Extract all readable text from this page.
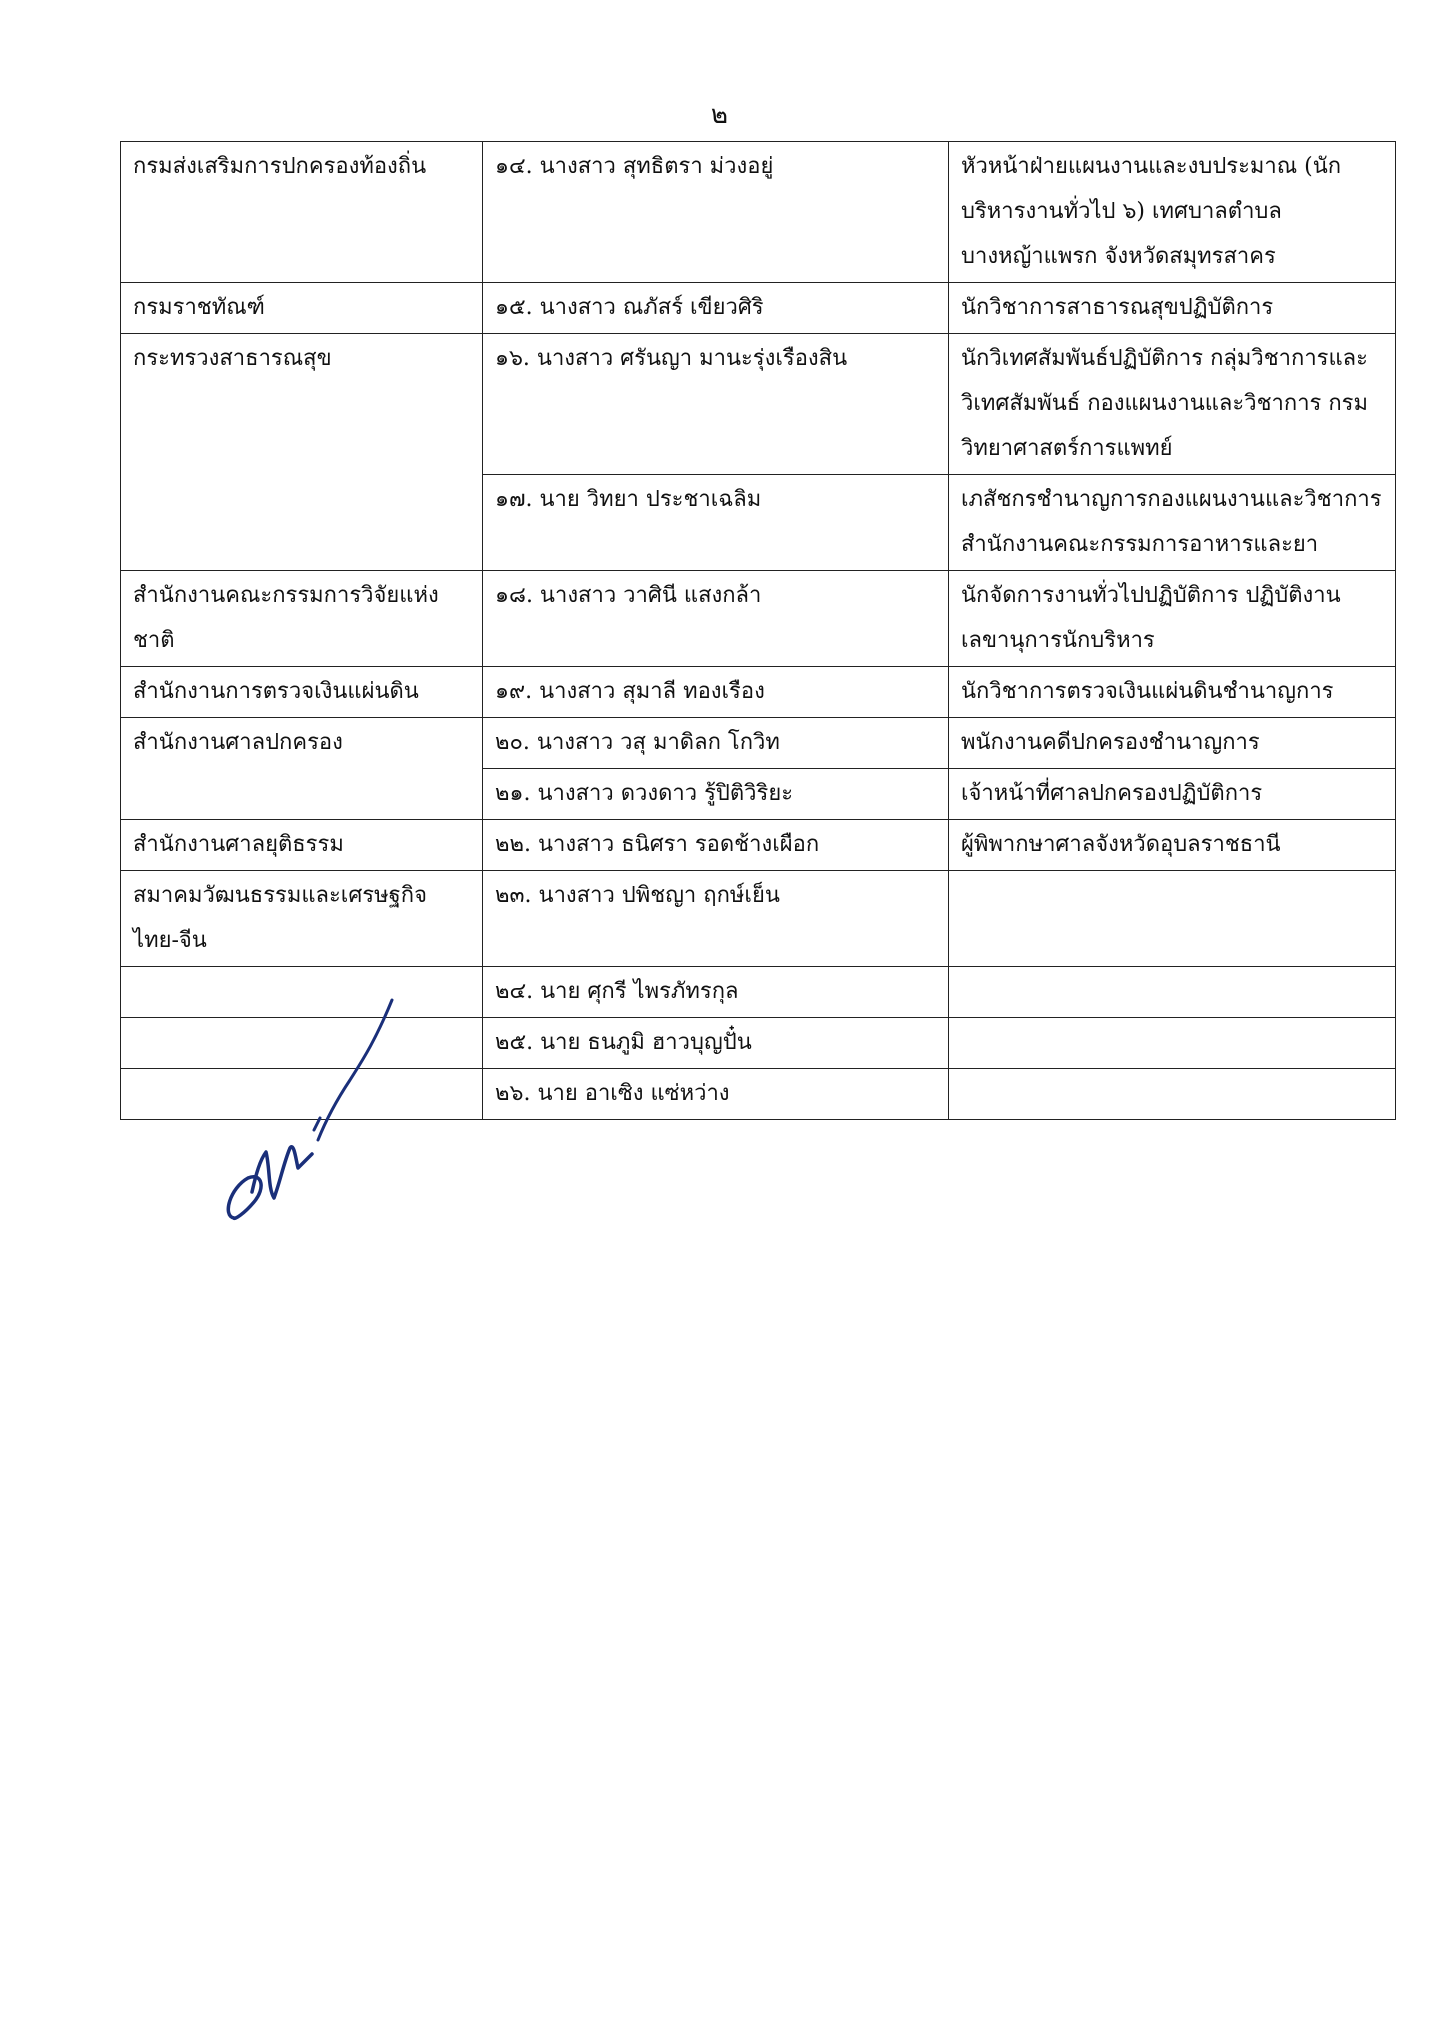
๒
กรมส่งเสริมการปกครองท้องถิ่น	๑๔. นางสาว สุทธิตรา ม่วงอยู่	หัวหน้าฝ่ายแผนงานและงบประมาณ (นักบริหารงานทั่วไป ๖) เทศบาลตำบลบางหญ้าแพรก จังหวัดสมุทรสาคร
กรมราชทัณฑ์	๑๕. นางสาว ณภัสร์ เขียวศิริ	นักวิชาการสาธารณสุขปฏิบัติการ
กระทรวงสาธารณสุข	๑๖. นางสาว ศรันญา มานะรุ่งเรืองสิน	นักวิเทศสัมพันธ์ปฏิบัติการ กลุ่มวิชาการและวิเทศสัมพันธ์ กองแผนงานและวิชาการ กรมวิทยาศาสตร์การแพทย์
	๑๗. นาย วิทยา ประชาเฉลิม	เภสัชกรชำนาญการกองแผนงานและวิชาการ สำนักงานคณะกรรมการอาหารและยา
สำนักงานคณะกรรมการวิจัยแห่งชาติ	๑๘. นางสาว วาศินี แสงกล้า	นักจัดการงานทั่วไปปฏิบัติการ ปฏิบัติงานเลขานุการนักบริหาร
สำนักงานการตรวจเงินแผ่นดิน	๑๙. นางสาว สุมาลี ทองเรือง	นักวิชาการตรวจเงินแผ่นดินชำนาญการ
สำนักงานศาลปกครอง	๒๐. นางสาว วสุ มาดิลก โกวิท	พนักงานคดีปกครองชำนาญการ
	๒๑. นางสาว ดวงดาว รู้ปิติวิริยะ	เจ้าหน้าที่ศาลปกครองปฏิบัติการ
สำนักงานศาลยุติธรรม	๒๒. นางสาว ธนิศรา รอดช้างเผือก	ผู้พิพากษาศาลจังหวัดอุบลราชธานี
สมาคมวัฒนธรรมและเศรษฐกิจไทย-จีน	๒๓. นางสาว ปพิชญา ฤกษ์เย็น	
	๒๔. นาย ศุกรี ไพรภัทรกุล	
	๒๕. นาย ธนภูมิ ฮาวบุญปั๋น	
	๒๖. นาย อาเซิง แซ่หว่าง	
